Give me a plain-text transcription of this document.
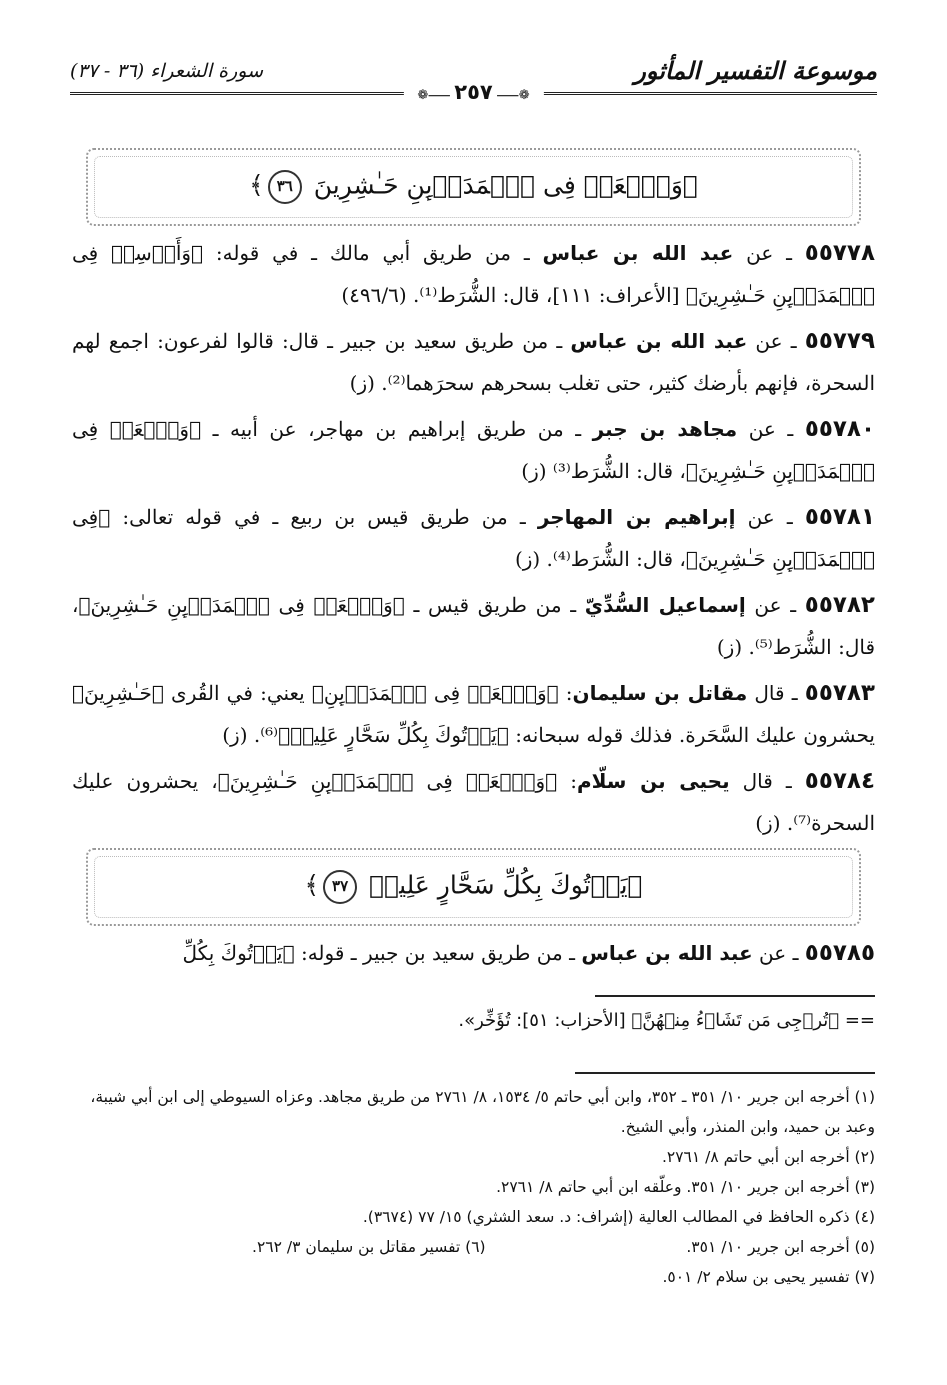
موسوعة التفسير المأثور
سورة الشعراء (٣٦ - ٣٧)
❁⸺ ٢٥٧ ⸺❁
﴿وَٱبۡعَثۡ فِی ٱلۡمَدَاۤىِٕنِ حَـٰشِرِینَ ٣٦﴾
٥٥٧٧٨ ـ عن عبد الله بن عباس ـ من طريق أبي مالك ـ في قوله: ﴿وَأَرۡسِلۡ فِی ٱلۡمَدَاۤىِٕنِ حَـٰشِرِینَ﴾ [الأعراف: ١١١]، قال: الشُّرَط⁽¹⁾. (٤٩٦/٦)
٥٥٧٧٩ ـ عن عبد الله بن عباس ـ من طريق سعيد بن جبير ـ قال: قالوا لفرعون: اجمع لهم السحرة، فإنهم بأرضك كثير، حتى تغلب بسحرهم سحرَهما⁽²⁾. (ز)
٥٥٧٨٠ ـ عن مجاهد بن جبر ـ من طريق إبراهيم بن مهاجر، عن أبيه ـ ﴿وَٱبۡعَثۡ فِی ٱلۡمَدَاۤىِٕنِ حَـٰشِرِینَ﴾، قال: الشُّرَط⁽³⁾ (ز)
٥٥٧٨١ ـ عن إبراهيم بن المهاجر ـ من طريق قيس بن ربيع ـ في قوله تعالى: ﴿فِی ٱلۡمَدَاۤىِٕنِ حَـٰشِرِینَ﴾، قال: الشُّرَط⁽⁴⁾. (ز)
٥٥٧٨٢ ـ عن إسماعيل السُّدِّيّ ـ من طريق قيس ـ ﴿وَٱبۡعَثۡ فِی ٱلۡمَدَاۤىِٕنِ حَـٰشِرِینَ﴾، قال: الشُّرَط⁽⁵⁾. (ز)
٥٥٧٨٣ ـ قال مقاتل بن سليمان: ﴿وَٱبۡعَثۡ فِی ٱلۡمَدَاۤىِٕنِ﴾ يعني: في القُرى ﴿حَـٰشِرِینَ﴾ يحشرون عليك السَّحَرة. فذلك قوله سبحانه: ﴿یَأۡتُوكَ بِكُلِّ سَحَّارٍ عَلِیمࣲ﴾⁽⁶⁾. (ز)
٥٥٧٨٤ ـ قال يحيى بن سلّام: ﴿وَٱبۡعَثۡ فِی ٱلۡمَدَاۤىِٕنِ حَـٰشِرِینَ﴾، يحشرون عليك السحرة⁽⁷⁾. (ز)
﴿یَأۡتُوكَ بِكُلِّ سَحَّارٍ عَلِیمࣲ ٣٧﴾
٥٥٧٨٥ ـ عن عبد الله بن عباس ـ من طريق سعيد بن جبير ـ قوله: ﴿یَأۡتُوكَ بِكُلِّ
== ﴿تُرۡجِی مَن تَشَاۤءُ مِنۡهُنَّ﴾ [الأحزاب: ٥١]: تُؤَخِّر».

(١) أخرجه ابن جرير ١٠/ ٣٥١ ـ ٣٥٢، وابن أبي حاتم ٥/ ١٥٣٤، ٨/ ٢٧٦١ من طريق مجاهد. وعزاه السيوطي إلى ابن أبي شيبة، وعبد بن حميد، وابن المنذر، وأبي الشيخ.

(٢) أخرجه ابن أبي حاتم ٨/ ٢٧٦١.

(٣) أخرجه ابن جرير ١٠/ ٣٥١. وعلّقه ابن أبي حاتم ٨/ ٢٧٦١.

(٤) ذكره الحافظ في المطالب العالية (إشراف: د. سعد الشثري) ١٥/ ٧٧ (٣٦٧٤).

(٥) أخرجه ابن جرير ١٠/ ٣٥١.

(٦) تفسير مقاتل بن سليمان ٣/ ٢٦٢.

(٧) تفسير يحيى بن سلام ٢/ ٥٠١.
